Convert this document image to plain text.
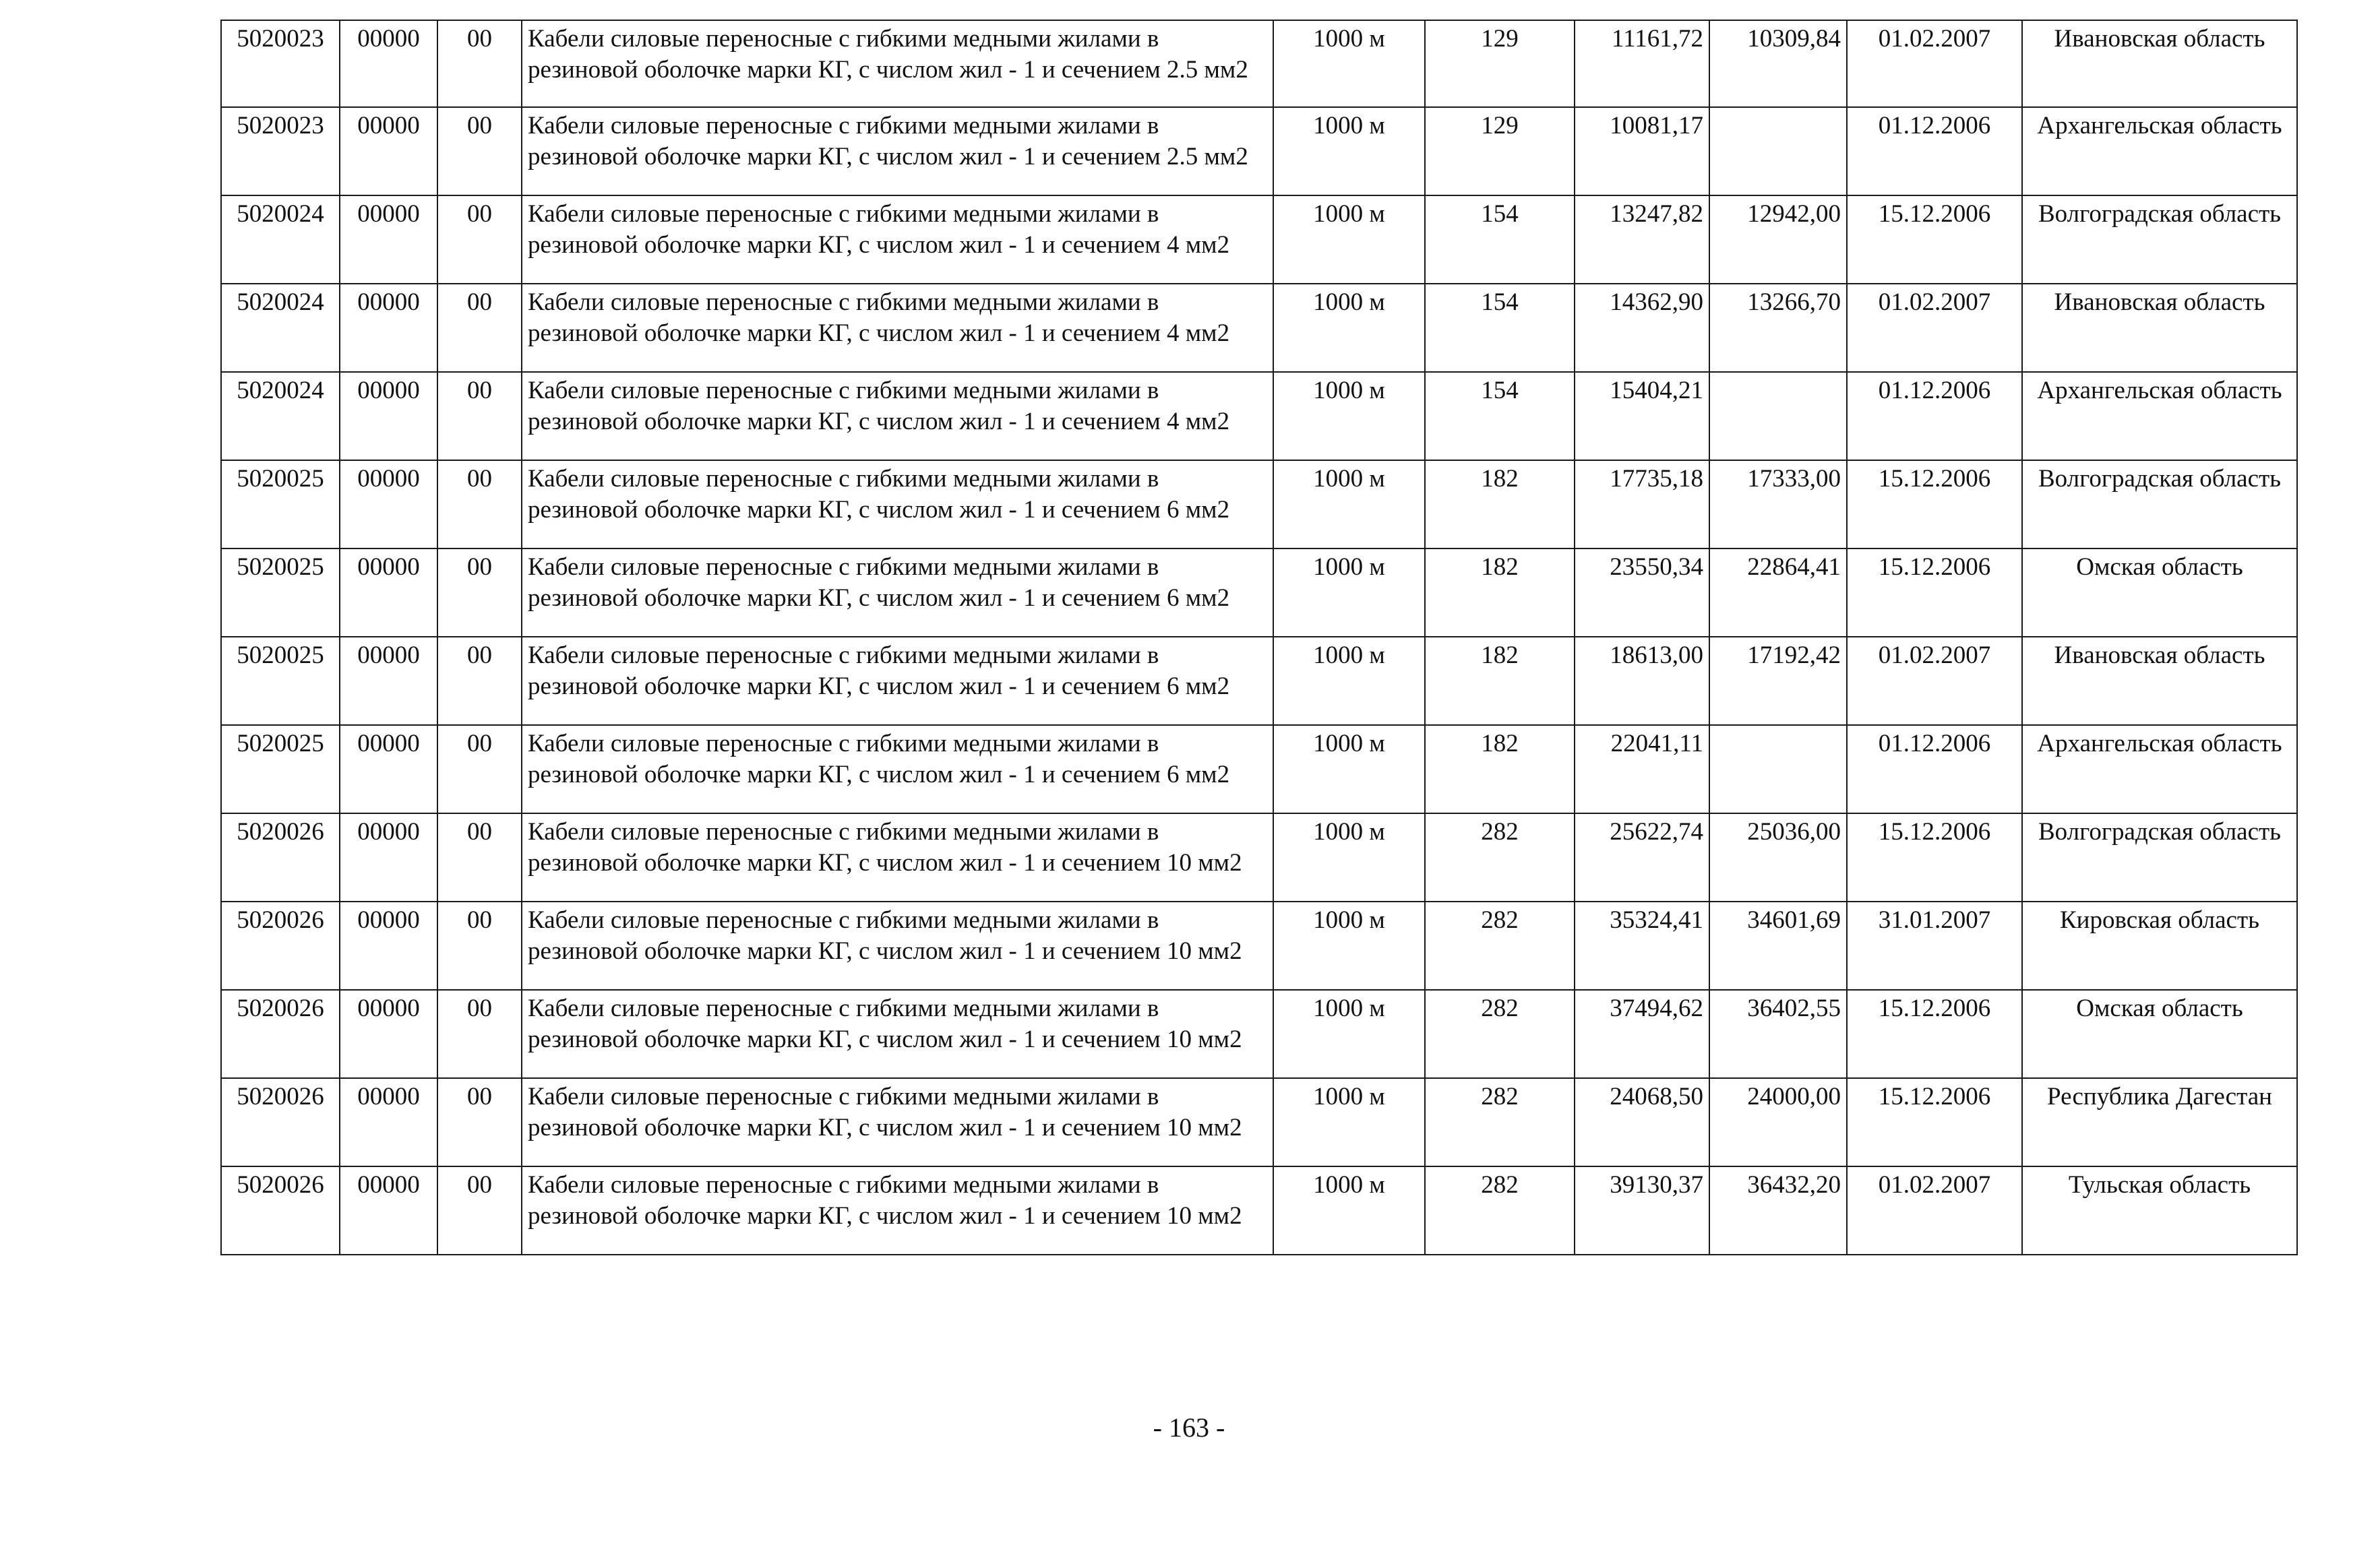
5020023	00000	00	Кабели силовые переносные с гибкими медными жилами в резиновой оболочке марки КГ, с числом жил - 1 и сечением 2.5 мм2	1000 м	129	11161,72	10309,84	01.02.2007	Ивановская область
5020023	00000	00	Кабели силовые переносные с гибкими медными жилами в резиновой оболочке марки КГ, с числом жил - 1 и сечением 2.5 мм2	1000 м	129	10081,17		01.12.2006	Архангельская область
5020024	00000	00	Кабели силовые переносные с гибкими медными жилами в резиновой оболочке марки КГ, с числом жил - 1 и сечением 4 мм2	1000 м	154	13247,82	12942,00	15.12.2006	Волгоградская область
5020024	00000	00	Кабели силовые переносные с гибкими медными жилами в резиновой оболочке марки КГ, с числом жил - 1 и сечением 4 мм2	1000 м	154	14362,90	13266,70	01.02.2007	Ивановская область
5020024	00000	00	Кабели силовые переносные с гибкими медными жилами в резиновой оболочке марки КГ, с числом жил - 1 и сечением 4 мм2	1000 м	154	15404,21		01.12.2006	Архангельская область
5020025	00000	00	Кабели силовые переносные с гибкими медными жилами в резиновой оболочке марки КГ, с числом жил - 1 и сечением 6 мм2	1000 м	182	17735,18	17333,00	15.12.2006	Волгоградская область
5020025	00000	00	Кабели силовые переносные с гибкими медными жилами в резиновой оболочке марки КГ, с числом жил - 1 и сечением 6 мм2	1000 м	182	23550,34	22864,41	15.12.2006	Омская область
5020025	00000	00	Кабели силовые переносные с гибкими медными жилами в резиновой оболочке марки КГ, с числом жил - 1 и сечением 6 мм2	1000 м	182	18613,00	17192,42	01.02.2007	Ивановская область
5020025	00000	00	Кабели силовые переносные с гибкими медными жилами в резиновой оболочке марки КГ, с числом жил - 1 и сечением 6 мм2	1000 м	182	22041,11		01.12.2006	Архангельская область
5020026	00000	00	Кабели силовые переносные с гибкими медными жилами в резиновой оболочке марки КГ, с числом жил - 1 и сечением 10 мм2	1000 м	282	25622,74	25036,00	15.12.2006	Волгоградская область
5020026	00000	00	Кабели силовые переносные с гибкими медными жилами в резиновой оболочке марки КГ, с числом жил - 1 и сечением 10 мм2	1000 м	282	35324,41	34601,69	31.01.2007	Кировская область
5020026	00000	00	Кабели силовые переносные с гибкими медными жилами в резиновой оболочке марки КГ, с числом жил - 1 и сечением 10 мм2	1000 м	282	37494,62	36402,55	15.12.2006	Омская область
5020026	00000	00	Кабели силовые переносные с гибкими медными жилами в резиновой оболочке марки КГ, с числом жил - 1 и сечением 10 мм2	1000 м	282	24068,50	24000,00	15.12.2006	Республика Дагестан
5020026	00000	00	Кабели силовые переносные с гибкими медными жилами в резиновой оболочке марки КГ, с числом жил - 1 и сечением 10 мм2	1000 м	282	39130,37	36432,20	01.02.2007	Тульская область
- 163 -
